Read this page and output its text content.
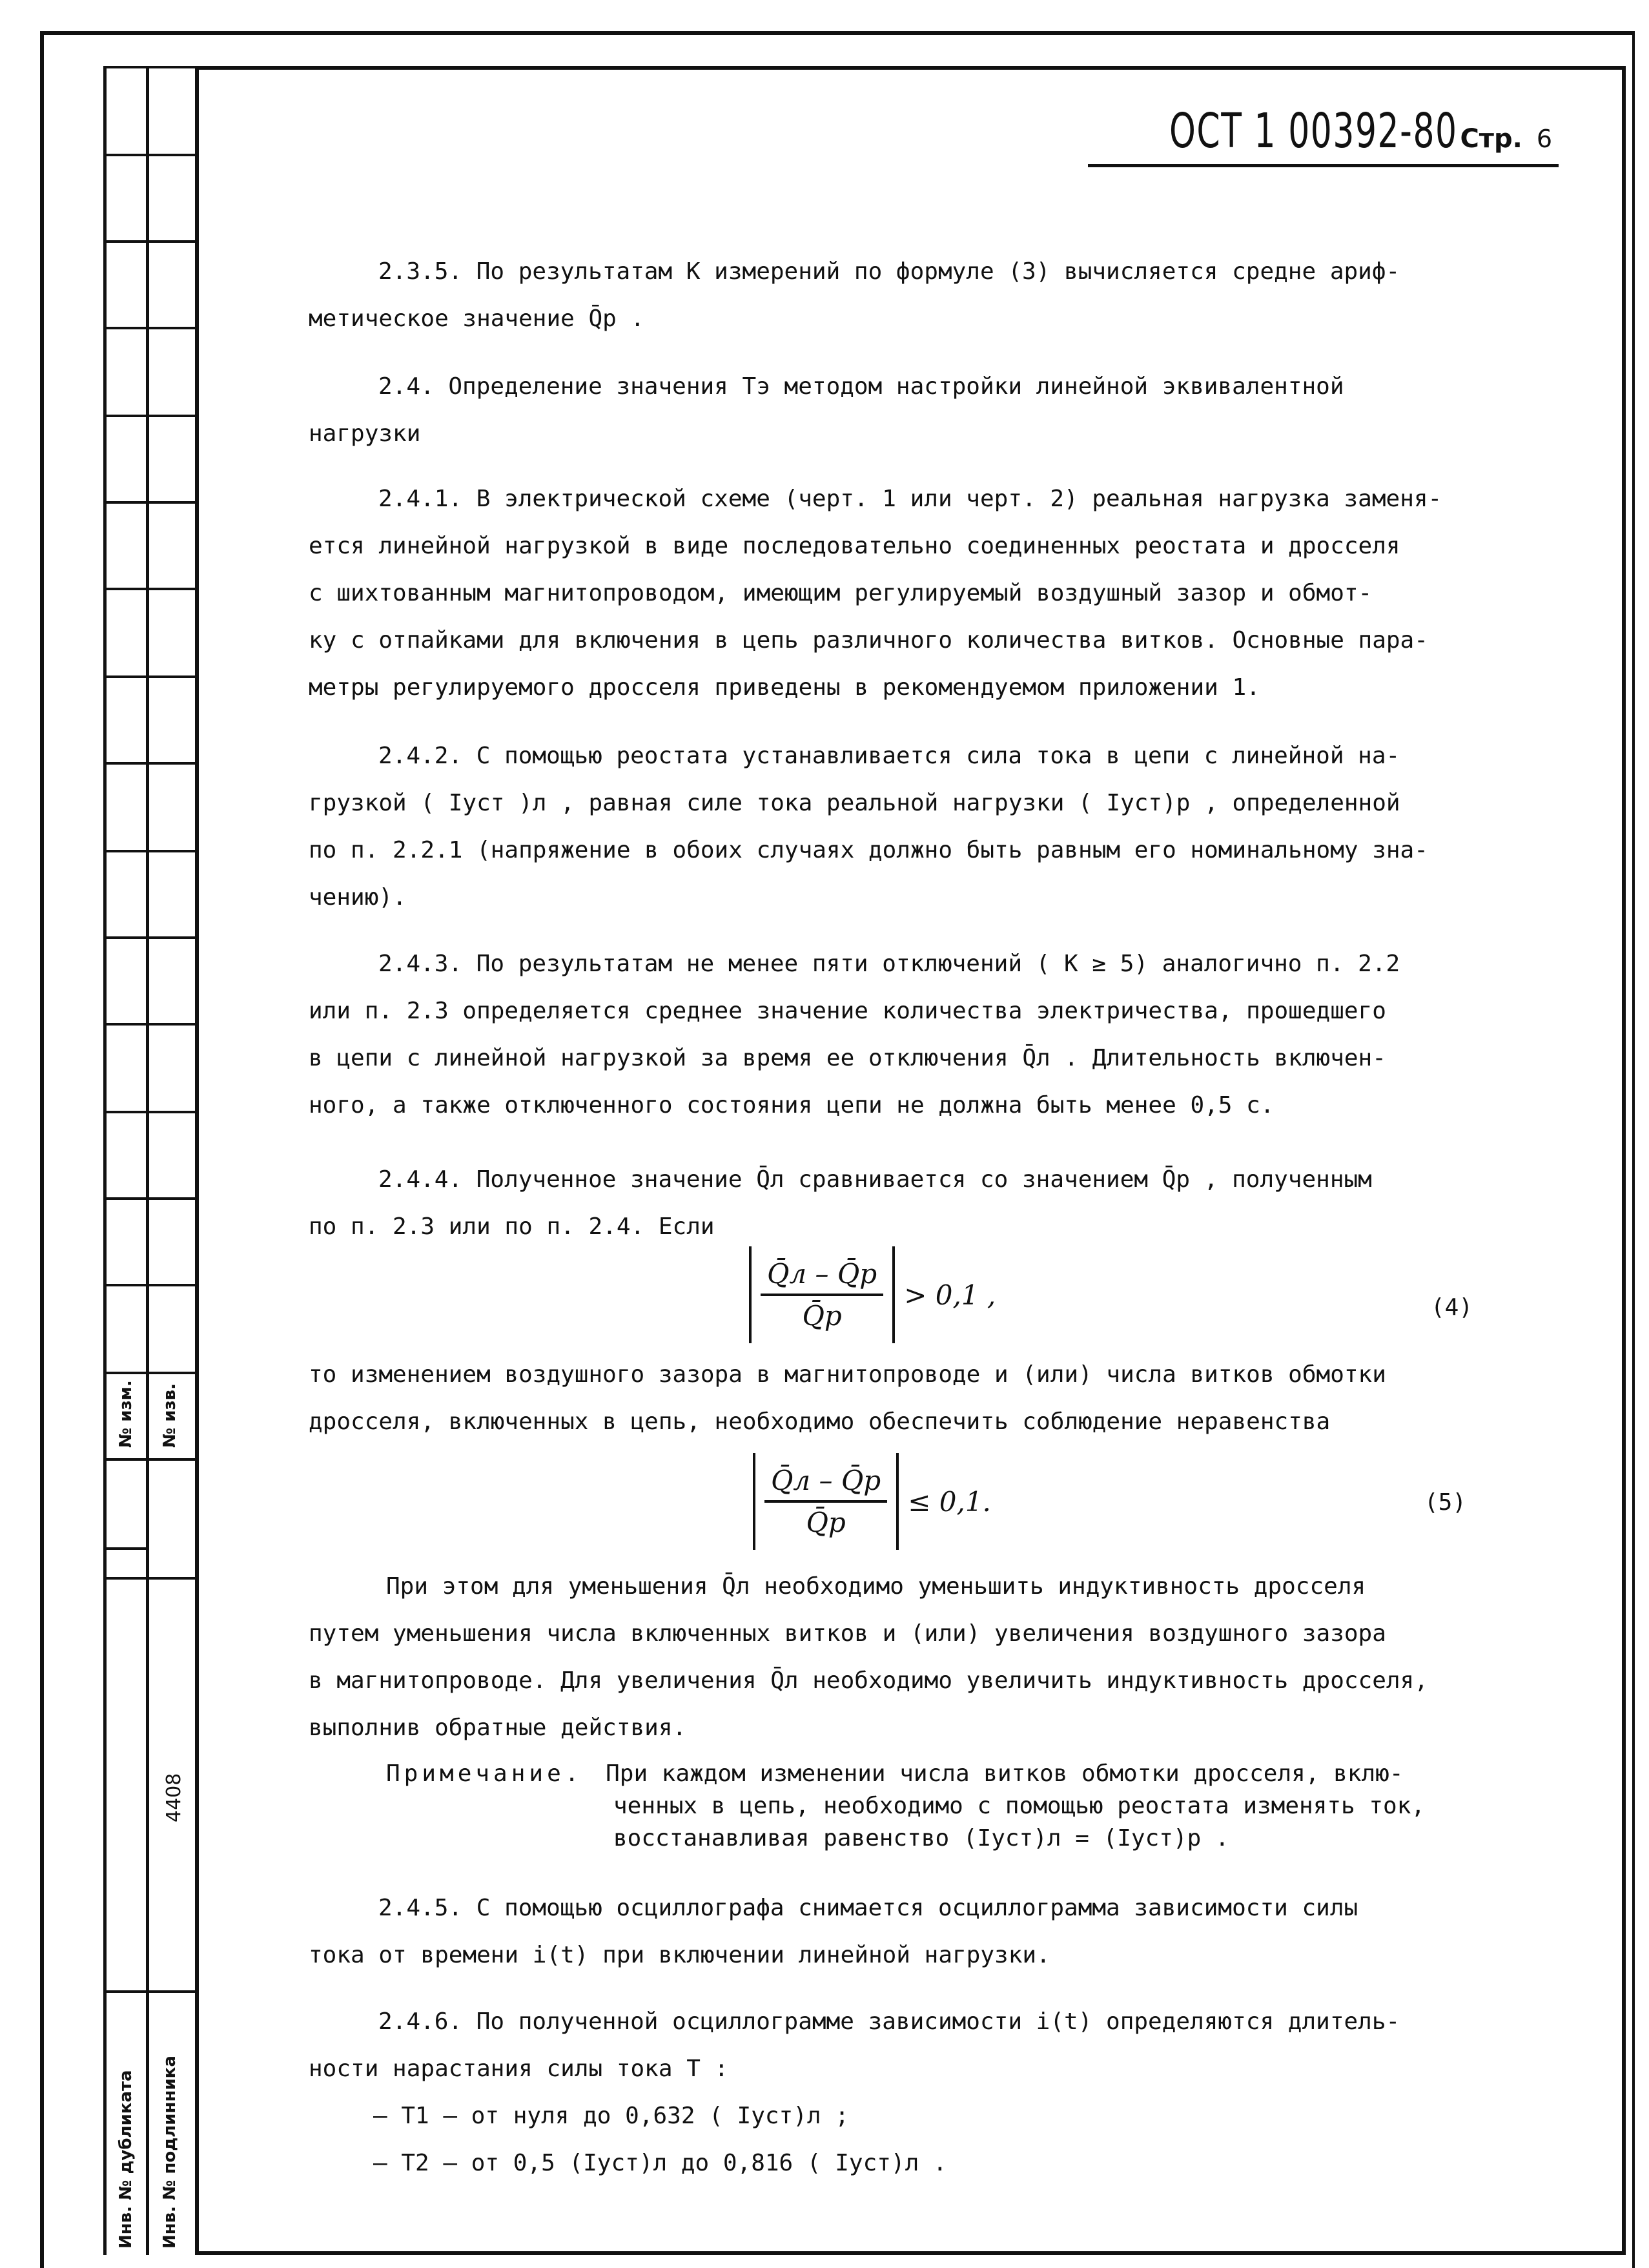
№ изм. № изв.
4408
Инв. № дубликата Инв. № подлинника
ОСТ 1 00392-80 Стр. 6
2.3.5. По результатам К измерений по формуле (3) вычисляется средне ариф-
метическое значение Q̄р .
2.4. Определение значения Тэ методом настройки линейной эквивалентной
нагрузки
2.4.1. В электрической схеме (черт. 1 или черт. 2) реальная нагрузка заменя-
ется линейной нагрузкой в виде последовательно соединенных реостата и дросселя
с шихтованным магнитопроводом, имеющим регулируемый воздушный зазор и обмот-
ку с отпайками для включения в цепь различного количества витков. Основные пара-
метры регулируемого дросселя приведены в рекомендуемом приложении 1.
2.4.2. С помощью реостата устанавливается сила тока в цепи с линейной на-
грузкой ( Iуст )л , равная силе тока реальной нагрузки ( Iуст)р , определенной
по п. 2.2.1 (напряжение в обоих случаях должно быть равным его номинальному зна-
чению).
2.4.3. По результатам не менее пяти отключений ( К ≥ 5) аналогично п. 2.2
или п. 2.3 определяется среднее значение количества электричества, прошедшего
в цепи с линейной нагрузкой за время ее отключения Q̄л . Длительность включен-
ного, а также отключенного состояния цепи не должна быть менее 0,5 с.
2.4.4. Полученное значение Q̄л сравнивается со значением Q̄р , полученным
по п. 2.3 или по п. 2.4. Если
$\frac{Q̄л - Q̄р}{Q̄р} > 0,1$ ,	(4)
то изменением воздушного зазора в магнитопроводе и (или) числа витков обмотки
дросселя, включенных в цепь, необходимо обеспечить соблюдение неравенства
$\frac{Q̄л - Q̄р}{Q̄р} \le 0,1$.	(5)
При этом для уменьшения Q̄л необходимо уменьшить индуктивность дросселя
путем уменьшения числа включенных витков и (или) увеличения воздушного зазора
в магнитопроводе. Для увеличения Q̄л необходимо увеличить индуктивность дросселя,
выполнив обратные действия.
Примечание. При каждом изменении числа витков обмотки дросселя, вклю-
ченных в цепь, необходимо с помощью реостата изменять ток,
восстанавливая равенство (Iуст)л = (Iуст)р .
2.4.5. С помощью осциллографа снимается осциллограмма зависимости силы
тока от времени i(t) при включении линейной нагрузки.
2.4.6. По полученной осциллограмме зависимости i(t) определяются длитель-
ности нарастания силы тока Т :
– Т1 – от нуля до 0,632 ( Iуст)л ;
– Т2 – от 0,5 (Iуст)л до 0,816 ( Iуст)л .
